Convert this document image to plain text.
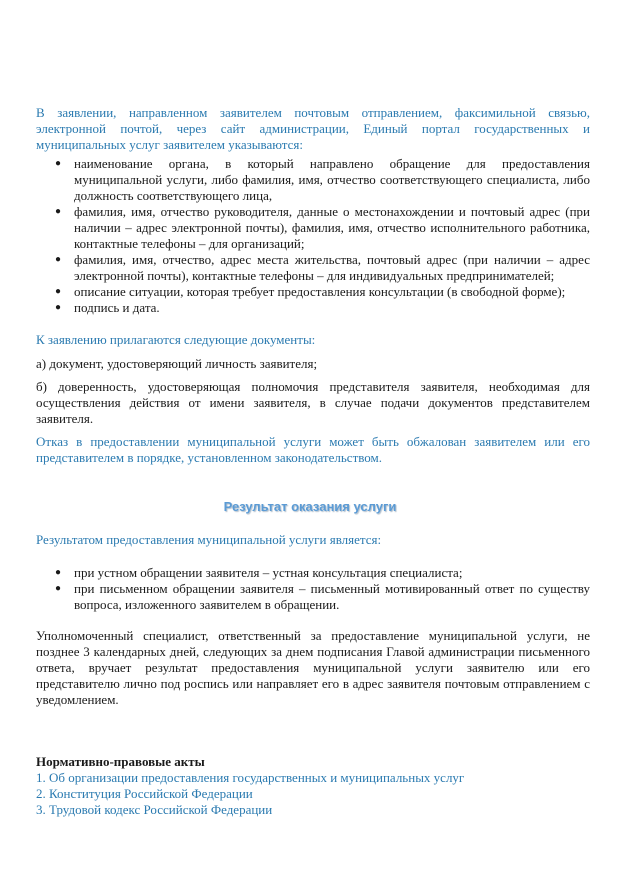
В заявлении, направленном заявителем почтовым отправлением, факсимильной связью, электронной почтой, через сайт администрации, Единый портал государственных и муниципальных услуг заявителем указываются:

● наименование органа, в который направлено обращение для предоставления муниципальной услуги, либо фамилия, имя, отчество соответствующего специалиста, либо должность соответствующего лица,
● фамилия, имя, отчество руководителя, данные о местонахождении и почтовый адрес (при наличии – адрес электронной почты), фамилия, имя, отчество исполнительного работника, контактные телефоны – для организаций;
● фамилия, имя, отчество, адрес места жительства, почтовый адрес (при наличии – адрес электронной почты), контактные телефоны – для индивидуальных предпринимателей;
● описание ситуации, которая требует предоставления консультации (в свободной форме);
● подпись и дата.

К заявлению прилагаются следующие документы:

а) документ, удостоверяющий личность заявителя;

б) доверенность, удостоверяющая полномочия представителя заявителя, необходимая для осуществления действия от имени заявителя, в случае подачи документов представителем заявителя.

Отказ в предоставлении муниципальной услуги может быть обжалован заявителем или его представителем в порядке, установленном законодательством.

Результат оказания услуги

Результатом предоставления муниципальной услуги является:

● при устном обращении заявителя – устная консультация специалиста;
● при письменном обращении заявителя – письменный мотивированный ответ по существу вопроса, изложенного заявителем в обращении.

Уполномоченный специалист, ответственный за предоставление муниципальной услуги, не позднее 3 календарных дней, следующих за днем подписания Главой администрации письменного ответа, вручает результат предоставления муниципальной услуги заявителю или его представителю лично под роспись или направляет его в адрес заявителя почтовым отправлением с уведомлением.

Нормативно-правовые акты

1. Об организации предоставления государственных и муниципальных услуг
2. Конституция Российской Федерации
3. Трудовой кодекс Российской Федерации
